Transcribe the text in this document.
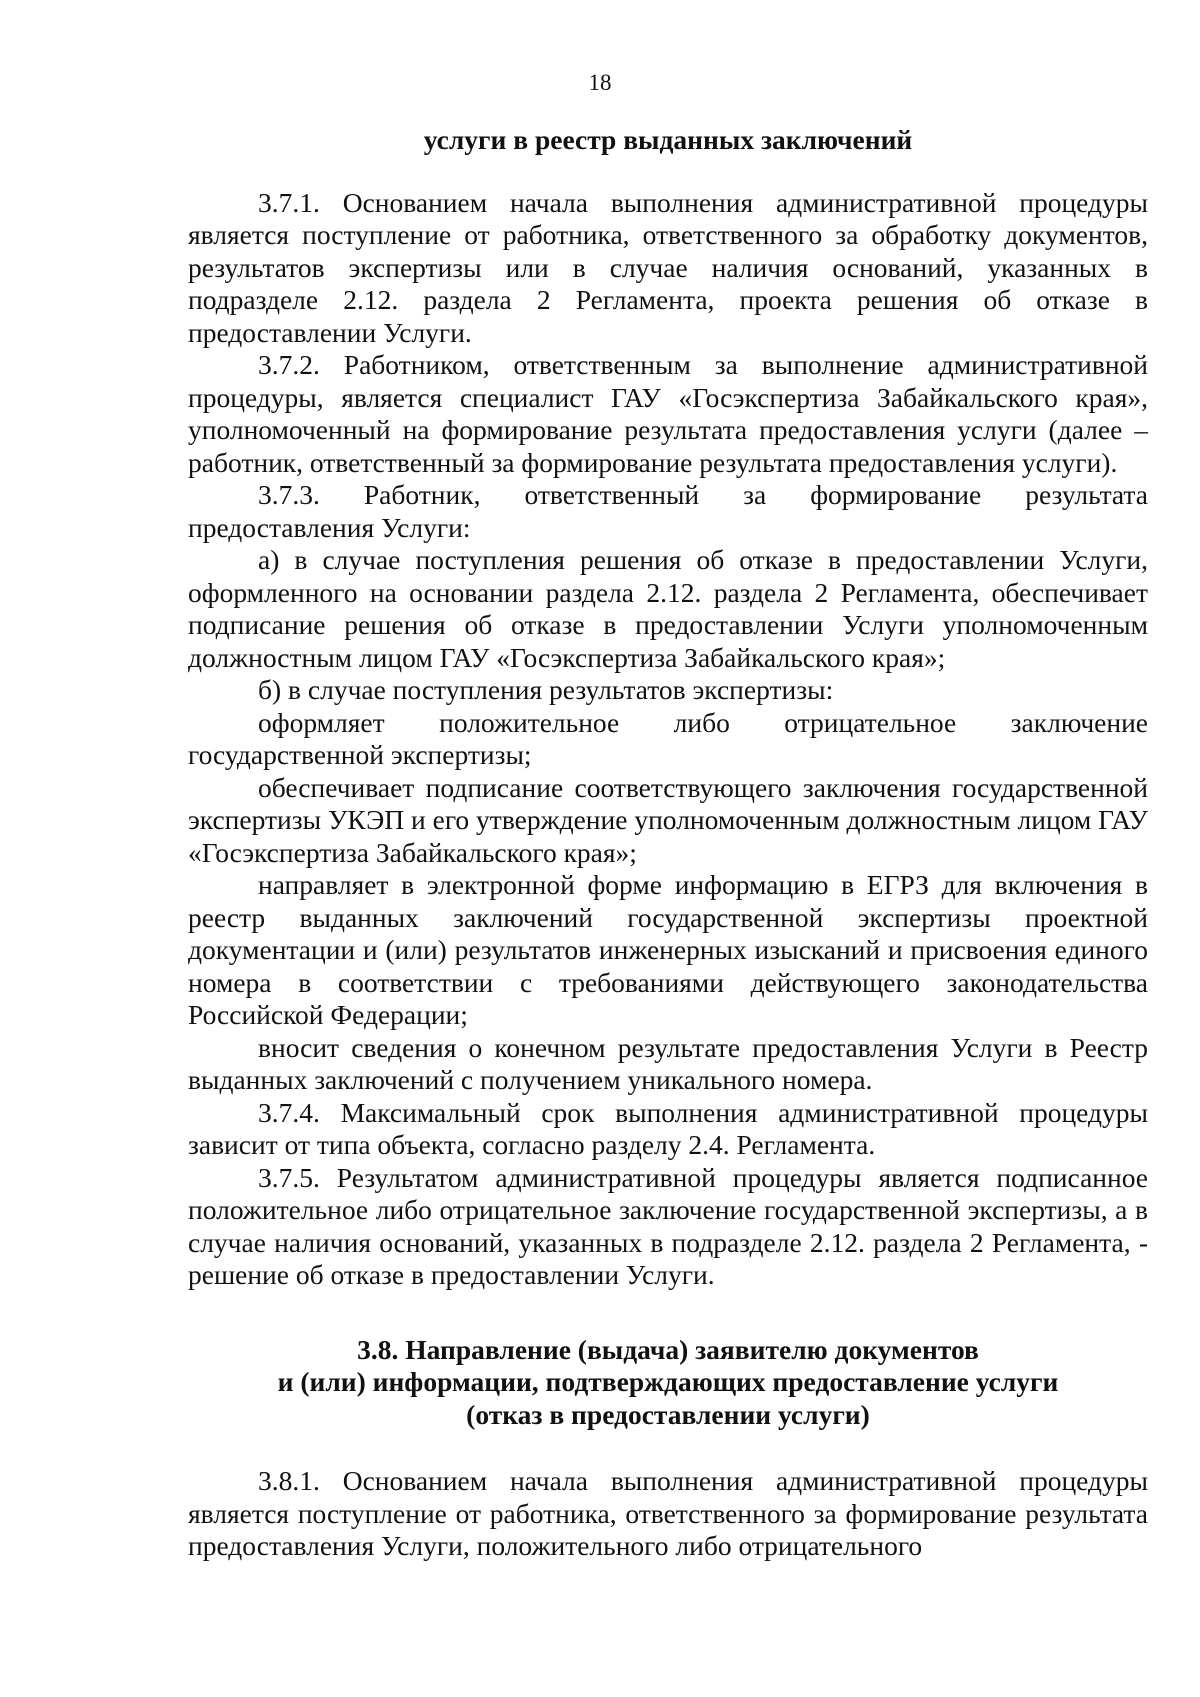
18

услуги в реестр выданных заключений

3.7.1. Основанием начала выполнения административной процедуры является поступление от работника, ответственного за обработку документов, результатов экспертизы или в случае наличия оснований, указанных в подразделе 2.12. раздела 2 Регламента, проекта решения об отказе в предоставлении Услуги.

3.7.2. Работником, ответственным за выполнение административной процедуры, является специалист ГАУ «Госэкспертиза Забайкальского края», уполномоченный на формирование результата предоставления услуги (далее – работник, ответственный за формирование результата предоставления услуги).

3.7.3. Работник, ответственный за формирование результата предоставления Услуги:

а) в случае поступления решения об отказе в предоставлении Услуги, оформленного на основании раздела 2.12. раздела 2 Регламента, обеспечивает подписание решения об отказе в предоставлении Услуги уполномоченным должностным лицом ГАУ «Госэкспертиза Забайкальского края»;

б) в случае поступления результатов экспертизы:

оформляет положительное либо отрицательное заключение государственной экспертизы;

обеспечивает подписание соответствующего заключения государственной экспертизы УКЭП и его утверждение уполномоченным должностным лицом ГАУ «Госэкспертиза Забайкальского края»;

направляет в электронной форме информацию в ЕГРЗ для включения в реестр выданных заключений государственной экспертизы проектной документации и (или) результатов инженерных изысканий и присвоения единого номера в соответствии с требованиями действующего законодательства Российской Федерации;

вносит сведения о конечном результате предоставления Услуги в Реестр выданных заключений с получением уникального номера.

3.7.4. Максимальный срок выполнения административной процедуры зависит от типа объекта, согласно разделу 2.4. Регламента.

3.7.5. Результатом административной процедуры является подписанное положительное либо отрицательное заключение государственной экспертизы, а в случае наличия оснований, указанных в подразделе 2.12. раздела 2 Регламента, - решение об отказе в предоставлении Услуги.

3.8. Направление (выдача) заявителю документов
и (или) информации, подтверждающих предоставление услуги
(отказ в предоставлении услуги)

3.8.1. Основанием начала выполнения административной процедуры является поступление от работника, ответственного за формирование результата предоставления Услуги, положительного либо отрицательного
